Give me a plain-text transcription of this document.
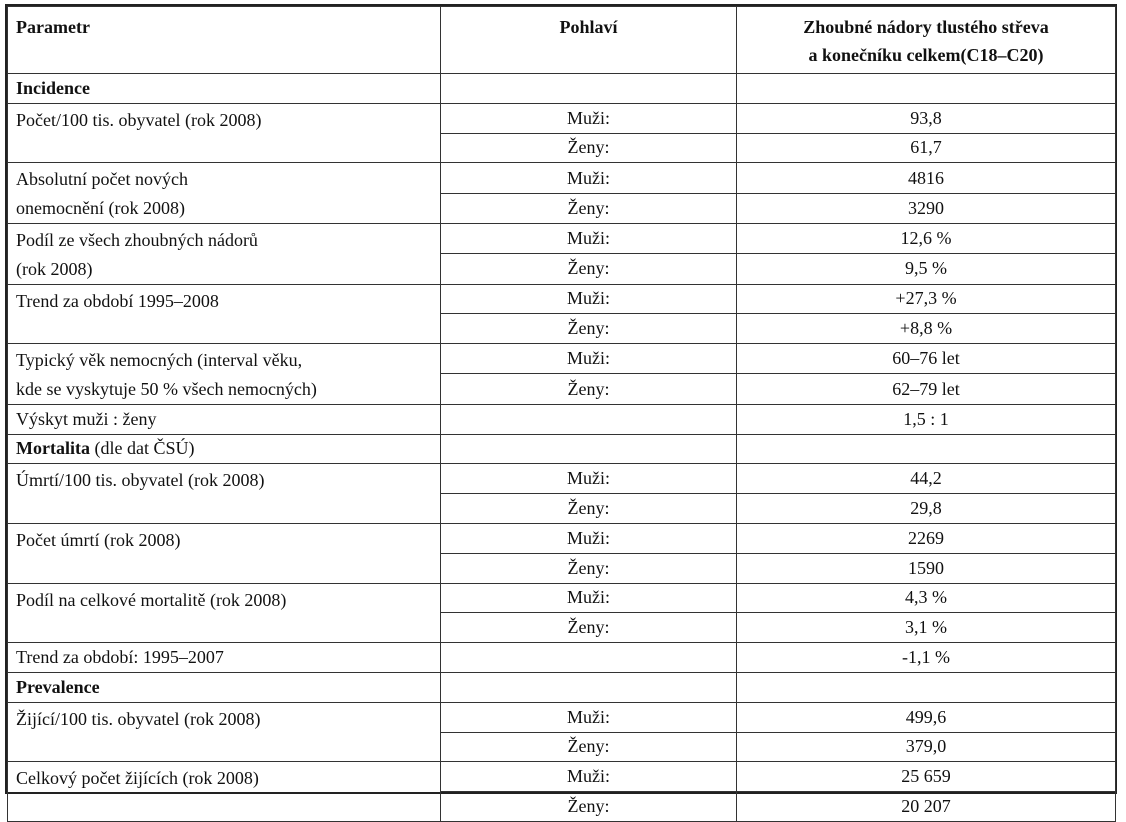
Parametr	Pohlaví	Zhoubné nádory tlustého střeva
a konečníku celkem(C18–C20)

Incidence		
Počet/100 tis. obyvatel (rok 2008)	Muži:	93,8
	Ženy:	61,7

Absolutní počet nových
onemocnění (rok 2008)	Muži:	4816
	Ženy:	3290

Podíl ze všech zhoubných nádorů
(rok 2008)	Muži:	12,6 %
	Ženy:	9,5 %
Trend za období 1995–2008	Muži:	+27,3 %
	Ženy:	+8,8 %

Typický věk nemocných (interval věku,
kde se vyskytuje 50 % všech nemocných)	Muži:	60–76 let
	Ženy:	62–79 let
Výskyt muži : ženy		1,5 : 1
Mortalita (dle dat ČSÚ)		
Úmrtí/100 tis. obyvatel (rok 2008)	Muži:	44,2
	Ženy:	29,8
Počet úmrtí (rok 2008)	Muži:	2269
	Ženy:	1590
Podíl na celkové mortalitě (rok 2008)	Muži:	4,3 %
	Ženy:	3,1 %
Trend za období: 1995–2007		-1,1 %
Prevalence		
Žijící/100 tis. obyvatel (rok 2008)	Muži:	499,6
	Ženy:	379,0
Celkový počet žijících (rok 2008)	Muži:	25 659
	Ženy:	20 207
